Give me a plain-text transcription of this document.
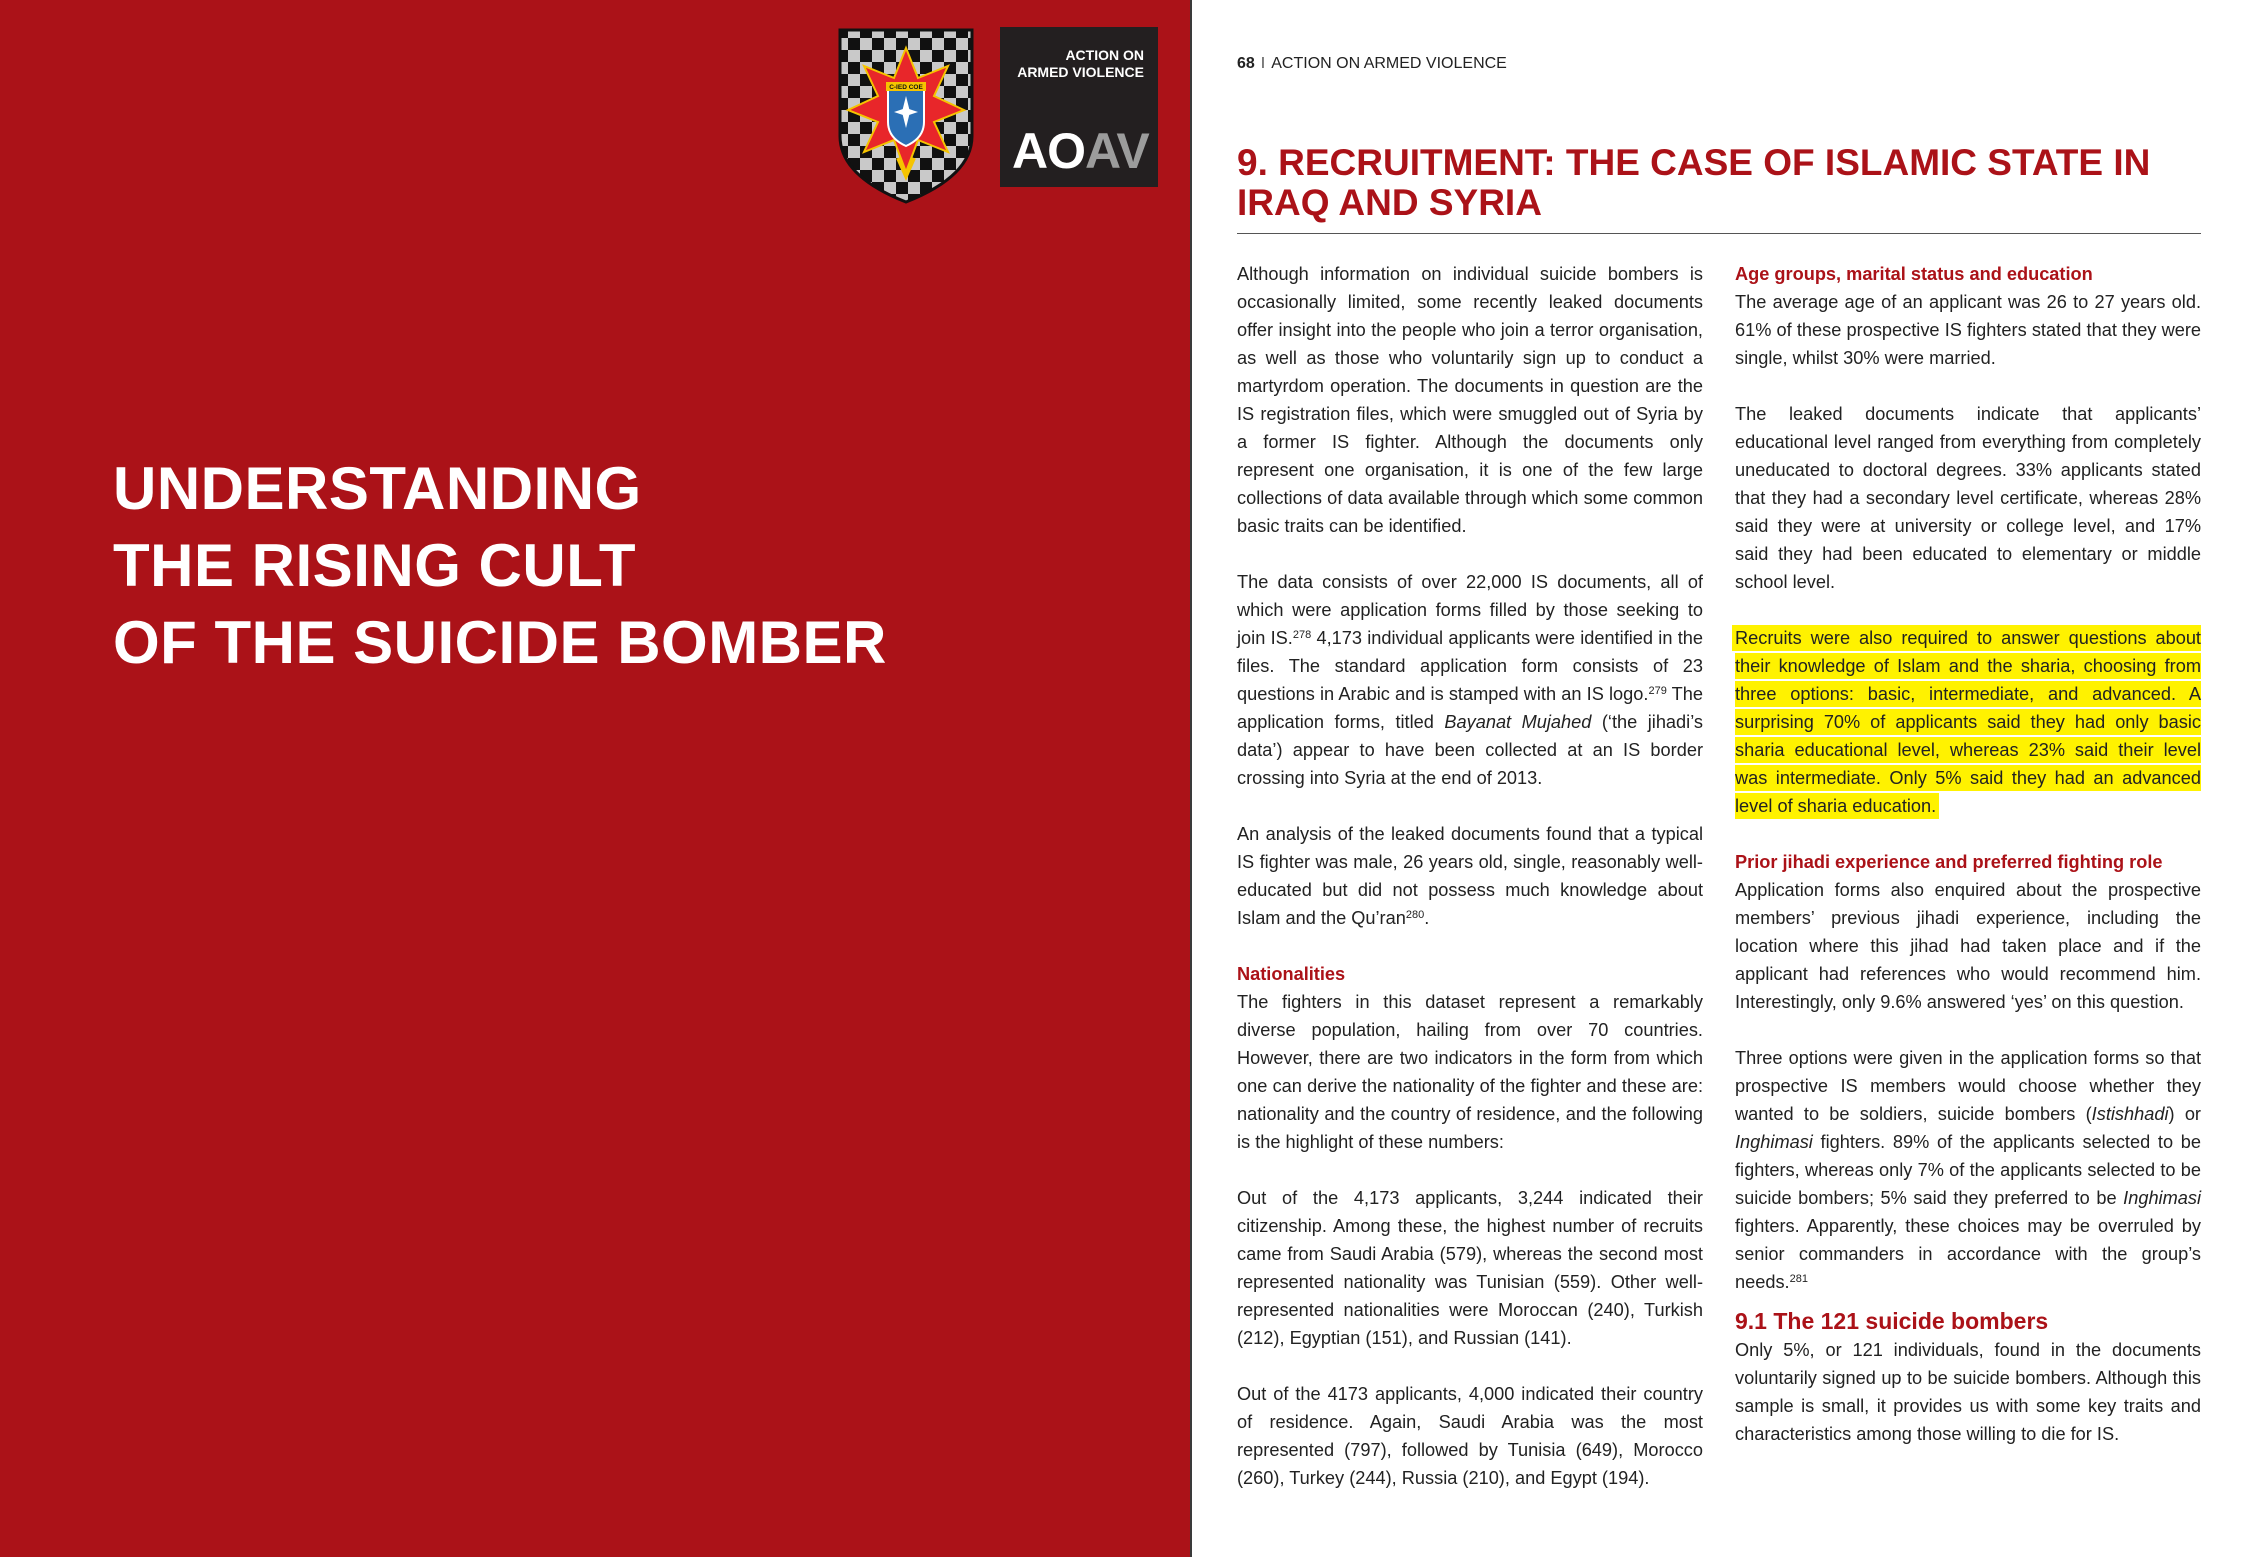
C-IED COE
ACTION ON
ARMED VIOLENCE
AOAV
UNDERSTANDING
THE RISING CULT
OF THE SUICIDE BOMBER
68 I ACTION ON ARMED VIOLENCE
9. RECRUITMENT: THE CASE OF ISLAMIC STATE IN IRAQ AND SYRIA

Although information on individual suicide bombers is occasionally limited, some recently leaked documents offer insight into the people who join a terror organisation, as well as those who voluntarily sign up to conduct a martyrdom operation. The documents in question are the IS registration files, which were smuggled out of Syria by a former IS fighter. Although the documents only represent one organisation, it is one of the few large collections of data available through which some common basic traits can be identified.

The data consists of over 22,000 IS documents, all of which were application forms filled by those seeking to join IS.$^{278}$ 4,173 individual applicants were identified in the files. The standard application form consists of 23 questions in Arabic and is stamped with an IS logo.$^{279}$ The application forms, titled Bayanat Mujahed (‘the jihadi’s data’) appear to have been collected at an IS border crossing into Syria at the end of 2013.

An analysis of the leaked documents found that a typical IS fighter was male, 26 years old, single, reasonably well-educated but did not possess much knowledge about Islam and the Qu’ran$^{280}$.

Nationalities

The fighters in this dataset represent a remarkably diverse population, hailing from over 70 countries. However, there are two indicators in the form from which one can derive the nationality of the fighter and these are: nationality and the country of residence, and the following is the highlight of these numbers:

Out of the 4,173 applicants, 3,244 indicated their citizenship. Among these, the highest number of recruits came from Saudi Arabia (579), whereas the second most represented nationality was Tunisian (559). Other well-represented nationalities were Moroccan (240), Turkish (212), Egyptian (151), and Russian (141).

Out of the 4173 applicants, 4,000 indicated their country of residence. Again, Saudi Arabia was the most represented (797), followed by Tunisia (649), Morocco (260), Turkey (244), Russia (210), and Egypt (194).

Age groups, marital status and education

The average age of an applicant was 26 to 27 years old. 61% of these prospective IS fighters stated that they were single, whilst 30% were married.

The leaked documents indicate that applicants’ educational level ranged from everything from completely uneducated to doctoral degrees. 33% applicants stated that they had a secondary level certificate, whereas 28% said they were at university or college level, and 17% said they had been educated to elementary or middle school level.

Recruits were also required to answer questions about their knowledge of Islam and the sharia, choosing from three options: basic, intermediate, and advanced. A surprising 70% of applicants said they had only basic sharia educational level, whereas 23% said their level was intermediate. Only 5% said they had an advanced level of sharia education.

Prior jihadi experience and preferred fighting role

Application forms also enquired about the prospective members’ previous jihadi experience, including the location where this jihad had taken place and if the applicant had references who would recommend him. Interestingly, only 9.6% answered ‘yes’ on this question.

Three options were given in the application forms so that prospective IS members would choose whether they wanted to be soldiers, suicide bombers (Istishhadi) or Inghimasi fighters. 89% of the applicants selected to be fighters, whereas only 7% of the applicants selected to be suicide bombers; 5% said they preferred to be Inghimasi fighters. Apparently, these choices may be overruled by senior commanders in accordance with the group’s needs.$^{281}$

9.1 The 121 suicide bombers

Only 5%, or 121 individuals, found in the documents voluntarily signed up to be suicide bombers. Although this sample is small, it provides us with some key traits and characteristics among those willing to die for IS.
